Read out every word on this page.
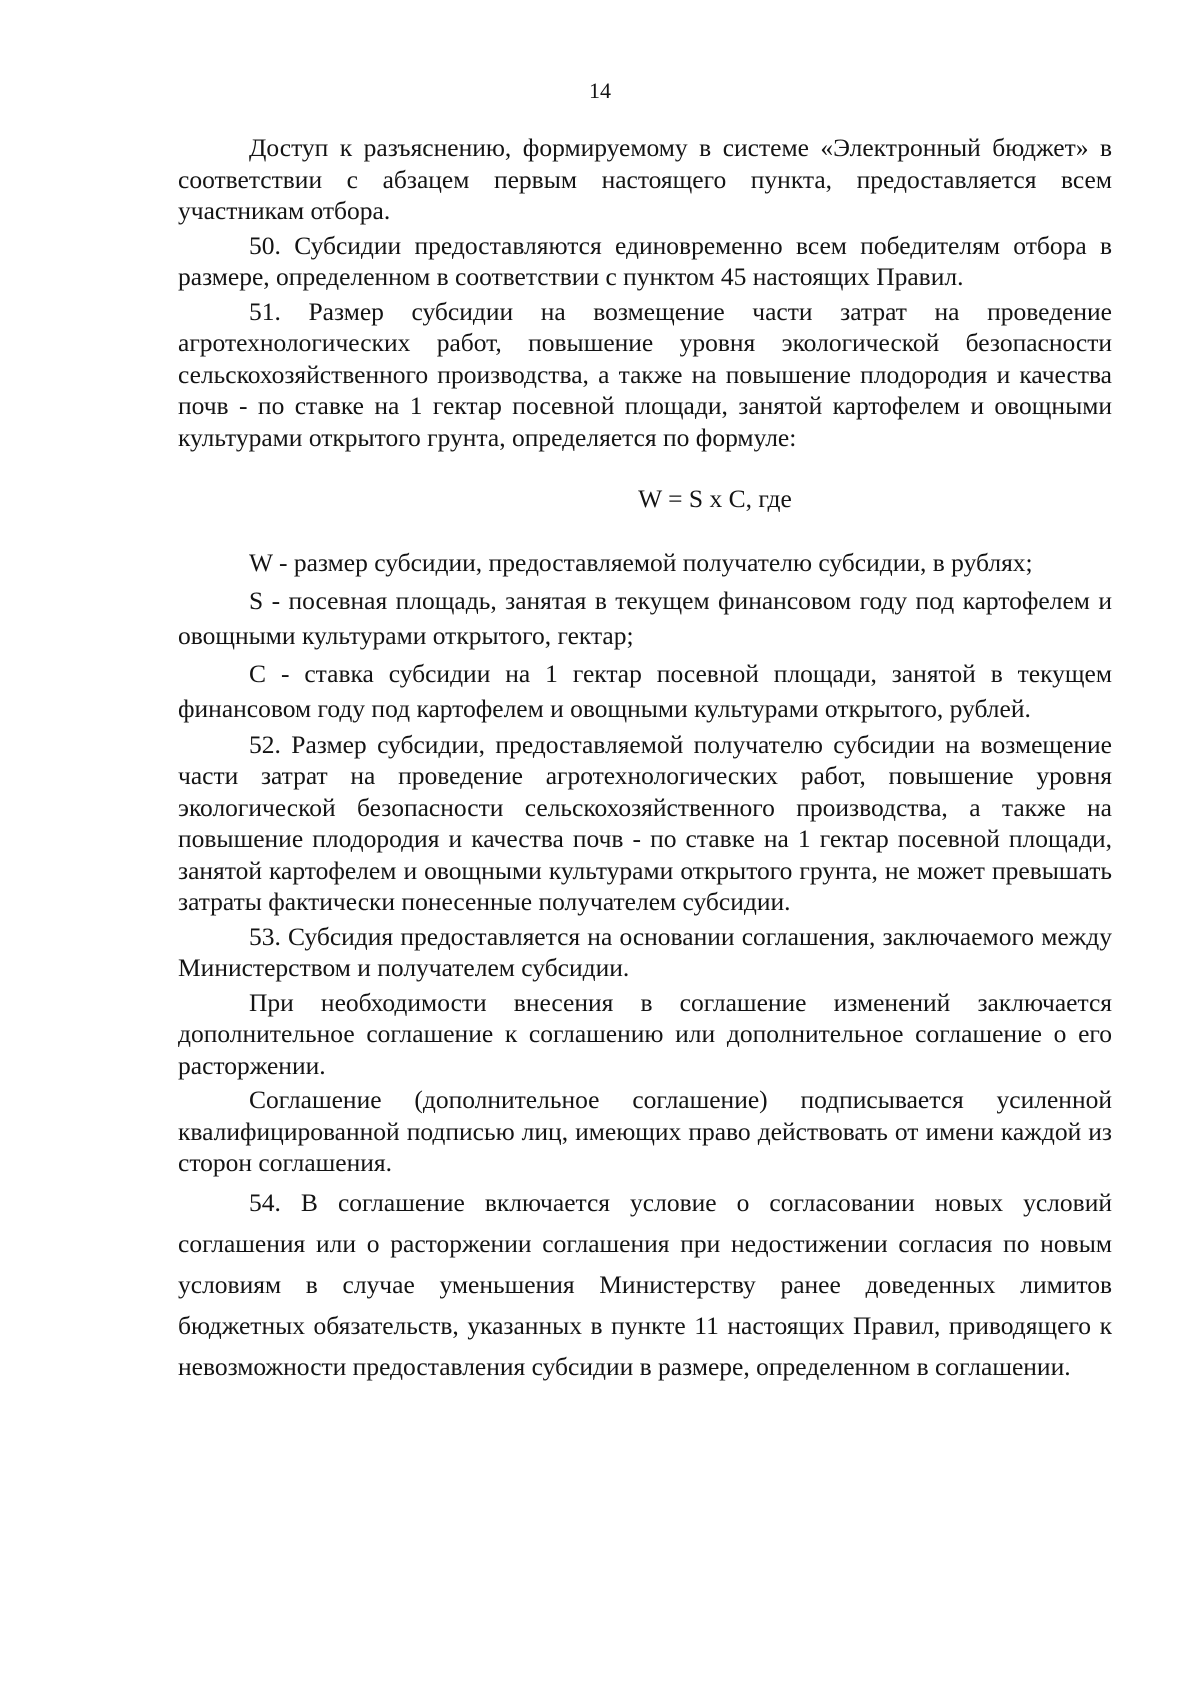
14

Доступ к разъяснению, формируемому в системе «Электронный бюджет» в соответствии с абзацем первым настоящего пункта, предоставляется всем участникам отбора.

50. Субсидии предоставляются единовременно всем победителям отбора в размере, определенном в соответствии с пунктом 45 настоящих Правил.

51. Размер субсидии на возмещение части затрат на проведение агротехнологических работ, повышение уровня экологической безопасности сельскохозяйственного производства, а также на повышение плодородия и качества почв - по ставке на 1 гектар посевной площади, занятой картофелем и овощными культурами открытого грунта, определяется по формуле:

W = S x C, где

W - размер субсидии, предоставляемой получателю субсидии, в рублях;

S - посевная площадь, занятая в текущем финансовом году под картофелем и овощными культурами открытого, гектар;

C - ставка субсидии на 1 гектар посевной площади, занятой в текущем финансовом году под картофелем и овощными культурами открытого, рублей.

52. Размер субсидии, предоставляемой получателю субсидии на возмещение части затрат на проведение агротехнологических работ, повышение уровня экологической безопасности сельскохозяйственного производства, а также на повышение плодородия и качества почв - по ставке на 1 гектар посевной площади, занятой картофелем и овощными культурами открытого грунта, не может превышать затраты фактически понесенные получателем субсидии.

53. Субсидия предоставляется на основании соглашения, заключаемого между Министерством и получателем субсидии.

При необходимости внесения в соглашение изменений заключается дополнительное соглашение к соглашению или дополнительное соглашение о его расторжении.

Соглашение (дополнительное соглашение) подписывается усиленной квалифицированной подписью лиц, имеющих право действовать от имени каждой из сторон соглашения.

54. В соглашение включается условие о согласовании новых условий соглашения или о расторжении соглашения при недостижении согласия по новым условиям в случае уменьшения Министерству ранее доведенных лимитов бюджетных обязательств, указанных в пункте 11 настоящих Правил, приводящего к невозможности предоставления субсидии в размере, определенном в соглашении.
